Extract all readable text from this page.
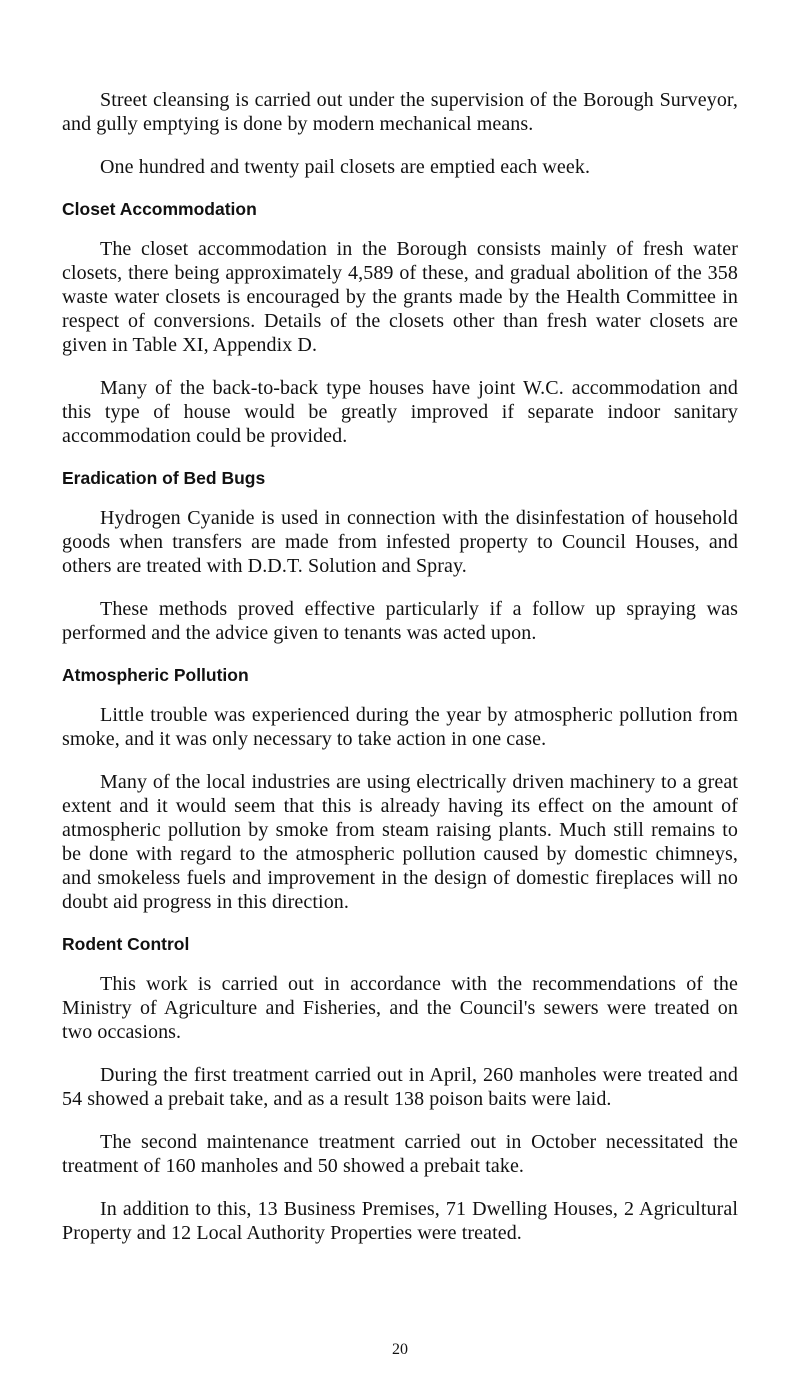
Street cleansing is carried out under the supervision of the Borough Surveyor, and gully emptying is done by modern mechanical means.

One hundred and twenty pail closets are emptied each week.

Closet Accommodation

The closet accommodation in the Borough consists mainly of fresh water closets, there being approximately 4,589 of these, and gradual abolition of the 358 waste water closets is encouraged by the grants made by the Health Committee in respect of conversions. Details of the closets other than fresh water closets are given in Table XI, Appendix D.

Many of the back-to-back type houses have joint W.C. accommodation and this type of house would be greatly improved if separate indoor sanitary accommodation could be provided.

Eradication of Bed Bugs

Hydrogen Cyanide is used in connection with the disinfestation of household goods when transfers are made from infested property to Council Houses, and others are treated with D.D.T. Solution and Spray.

These methods proved effective particularly if a follow up spraying was performed and the advice given to tenants was acted upon.

Atmospheric Pollution

Little trouble was experienced during the year by atmospheric pollution from smoke, and it was only necessary to take action in one case.

Many of the local industries are using electrically driven machinery to a great extent and it would seem that this is already having its effect on the amount of atmospheric pollution by smoke from steam raising plants. Much still remains to be done with regard to the atmospheric pollution caused by domestic chimneys, and smokeless fuels and improvement in the design of domestic fireplaces will no doubt aid progress in this direction.

Rodent Control

This work is carried out in accordance with the recommendations of the Ministry of Agriculture and Fisheries, and the Council's sewers were treated on two occasions.

During the first treatment carried out in April, 260 manholes were treated and 54 showed a prebait take, and as a result 138 poison baits were laid.

The second maintenance treatment carried out in October necessitated the treatment of 160 manholes and 50 showed a prebait take.

In addition to this, 13 Business Premises, 71 Dwelling Houses, 2 Agricultural Property and 12 Local Authority Properties were treated.

20
